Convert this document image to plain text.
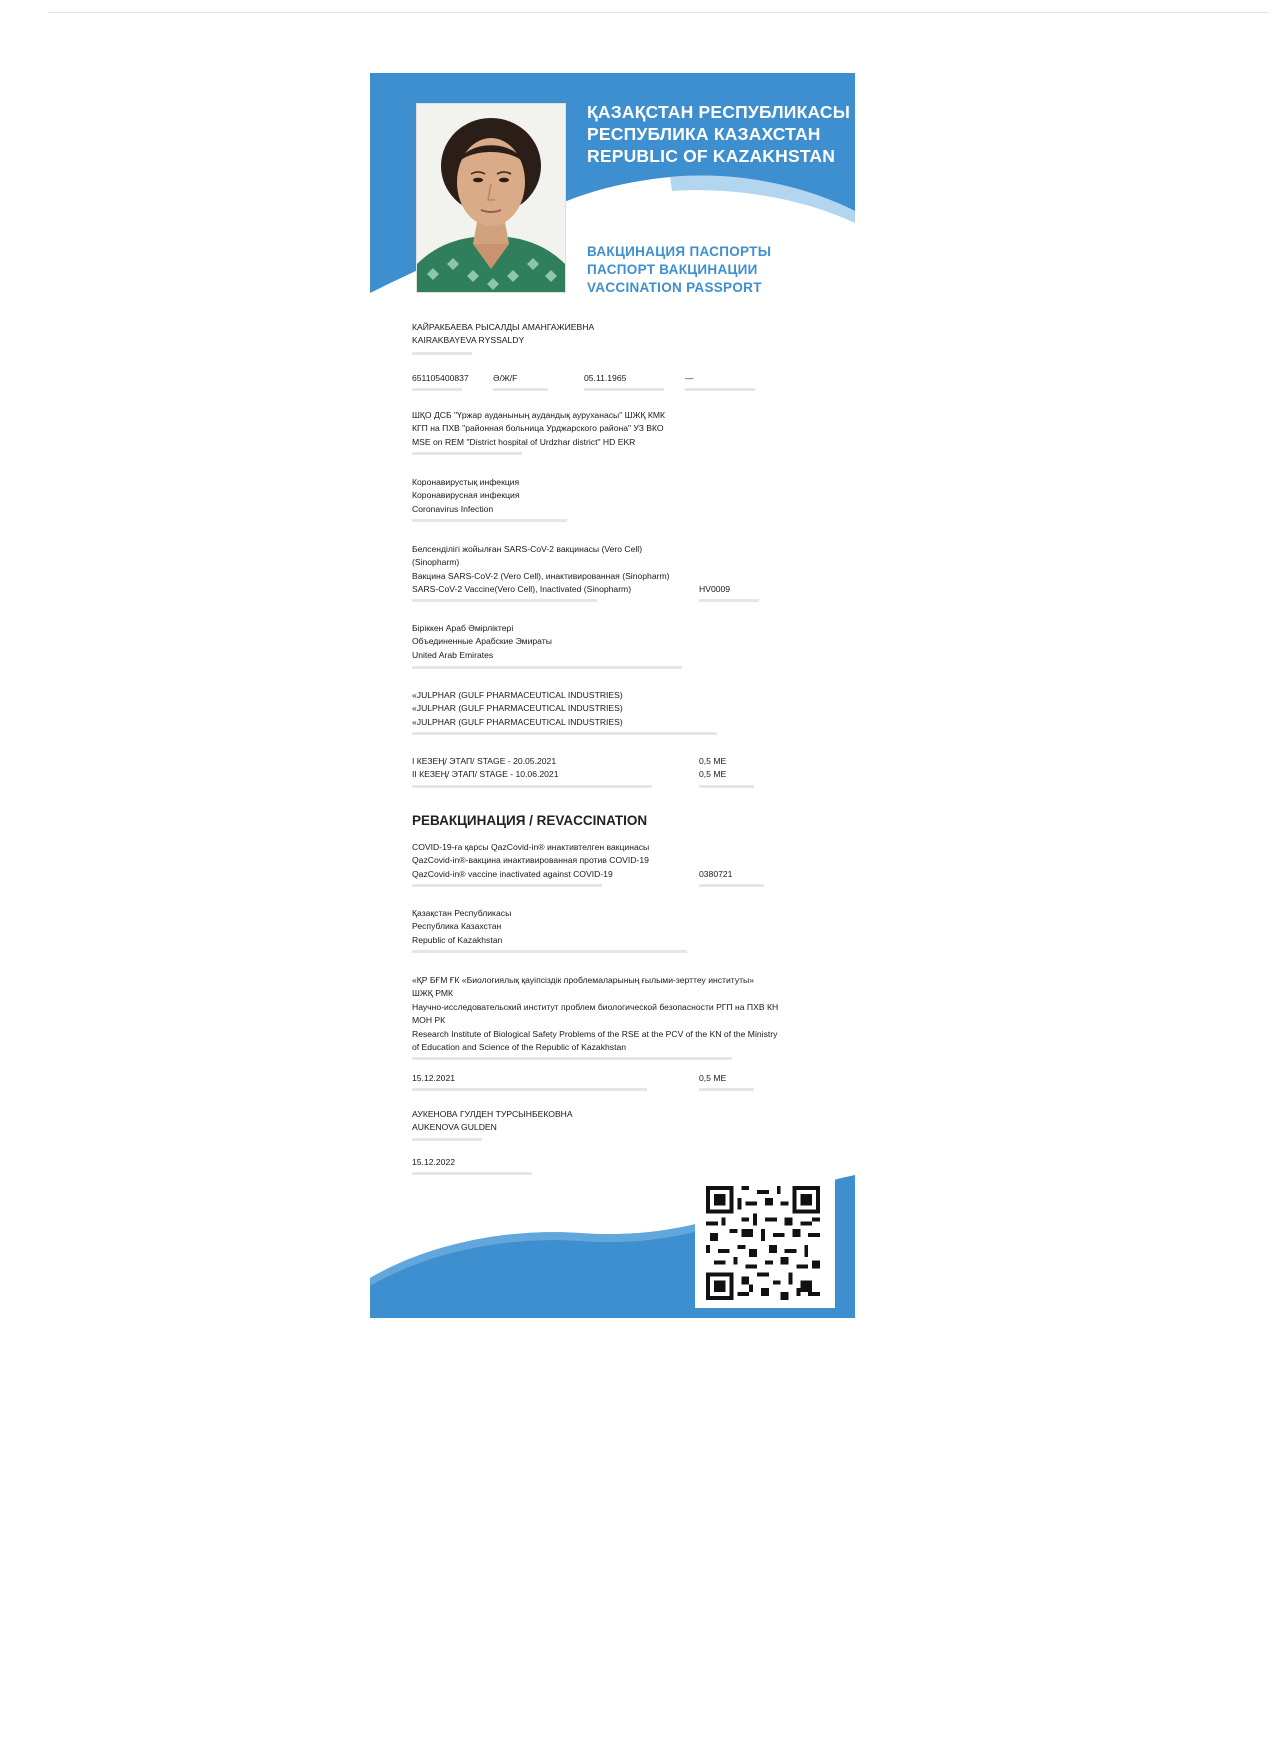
ҚАЗАҚСТАН РЕСПУБЛИКАСЫ
РЕСПУБЛИКА КАЗАХСТАН
REPUBLIC OF KAZAKHSTAN
ВАКЦИНАЦИЯ ПАСПОРТЫ
ПАСПОРТ ВАКЦИНАЦИИ
VACCINATION PASSPORT
КАЙРАКБАЕВА РЫСАЛДЫ АМАНГАЖИЕВНА
KAIRAKBAYEVA RYSSALDY
651105400837	Ә/Ж/F	05.11.1965	—
ШҚО ДСБ "Үржар ауданының аудандық ауруханасы" ШЖҚ КМК
КГП на ПХВ "районная больница Урджарского района" УЗ ВКО
MSE on REM "District hospital of Urdzhar district" HD EKR
Коронавирустық инфекция
Коронавирусная инфекция
Coronavirus Infection
Белсенділігі жойылған SARS-CoV-2 вакцинасы (Vero Cell)
(Sinopharm)
Вакцина SARS-CoV-2 (Vero Cell), инактивированная (Sinopharm)
SARS-CoV-2 Vaccine(Vero Cell), Inactivated (Sinopharm)	HV0009
Біріккен Араб Әмірліктері
Объединенные Арабские Эмираты
United Arab Emirates
«JULPHAR (GULF PHARMACEUTICAL INDUSTRIES)
«JULPHAR (GULF PHARMACEUTICAL INDUSTRIES)
«JULPHAR (GULF PHARMACEUTICAL INDUSTRIES)
I КЕЗЕҢ/ ЭТАП/ STAGE - 20.05.2021	0,5 МЕ
II КЕЗЕҢ/ ЭТАП/ STAGE - 10.06.2021	0,5 МЕ
РЕВАКЦИНАЦИЯ / REVACCINATION
COVID-19-ға қарсы QazCovid-in® инактивтелген вакцинасы
QazCovid-in®-вакцина инактивированная против COVID-19
QazCovid-in® vaccine inactivated against COVID-19	0380721
Қазақстан Республикасы
Республика Казахстан
Republic of Kazakhstan
«ҚР БҒМ ҒК «Биологиялық қауіпсіздік проблемаларының ғылыми-зерттеу институты»
ШЖҚ РМК
Научно-исследовательский институт проблем биологической безопасности РГП на ПХВ КН
МОН РК
Research Institute of Biological Safety Problems of the RSE at the PCV of the KN of the Ministry
of Education and Science of the Republic of Kazakhstan
15.12.2021	0,5 МЕ
АУКЕНОВА ГУЛДЕН ТУРСЫНБЕКОВНА
AUKENOVA GULDEN
15.12.2022
